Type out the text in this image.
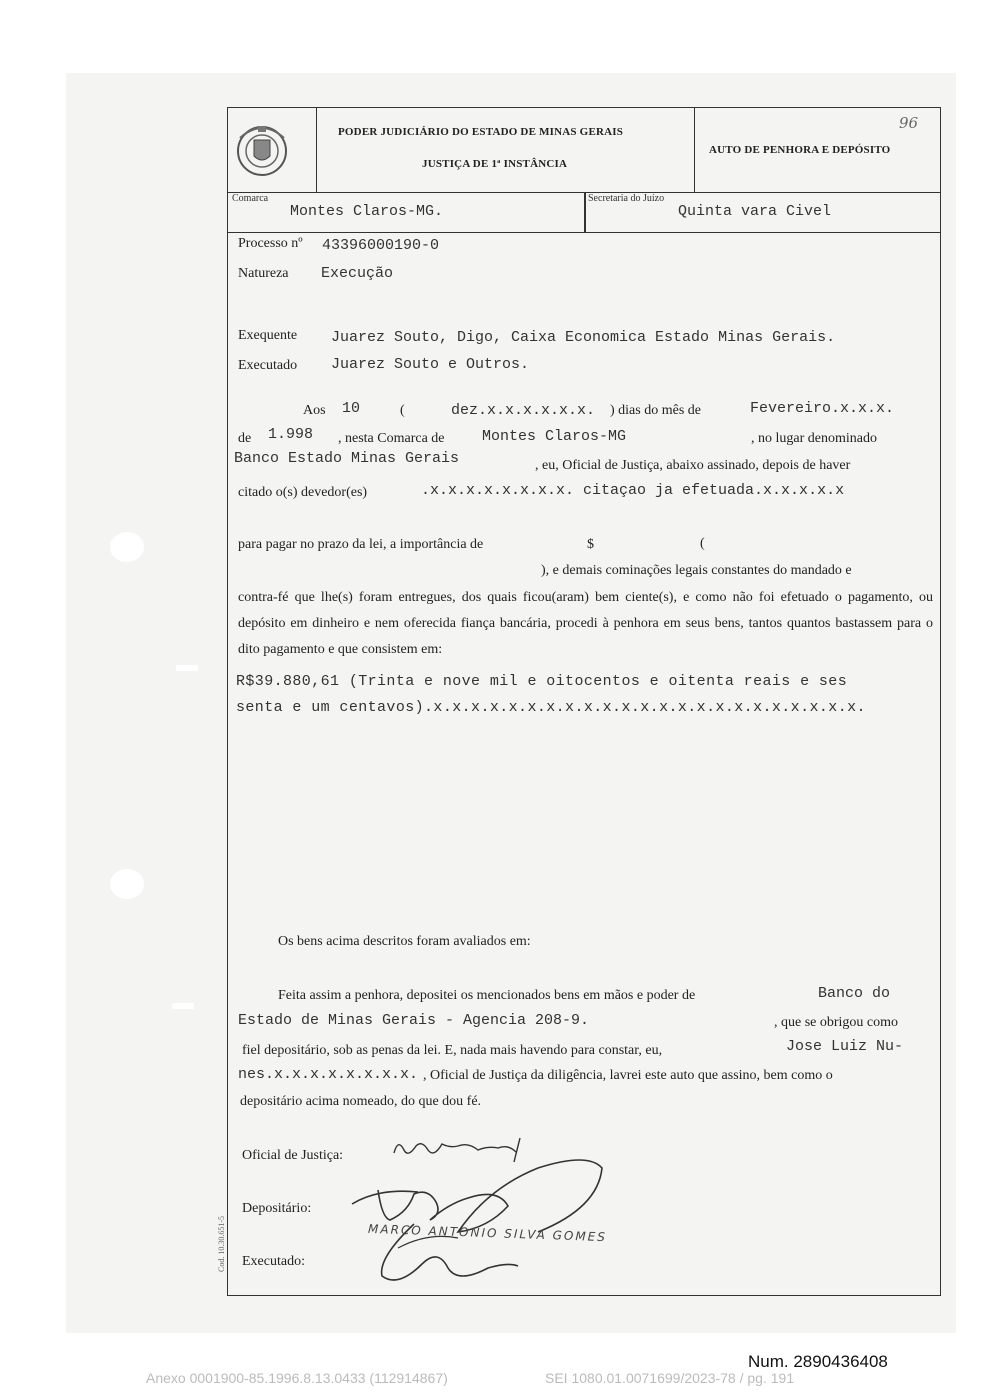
PODER JUDICIÁRIO DO ESTADO DE MINAS GERAIS
JUSTIÇA DE 1ª INSTÂNCIA
AUTO DE PENHORA E DEPÓSITO
96
Comarca
Montes Claros-MG.
Secretaria do Juízo
Quinta vara Civel
Processo nº 43396000190-0
Natureza Execução
Exequente Juarez Souto, Digo, Caixa Economica Estado Minas Gerais.
Executado Juarez Souto e Outros.
Aos 10	(	dez.x.x.x.x.x.x. ) dias do mês de	Fevereiro.x.x.x.
de 1.998 , nesta Comarca de Montes Claros-MG	, no lugar denominado
Banco Estado Minas Gerais	, eu, Oficial de Justiça, abaixo assinado, depois de haver
citado o(s) devedor(es)	.x.x.x.x.x.x.x.x. citaçao ja efetuada.x.x.x.x.x
para pagar no prazo da lei, a importância de	$	(
), e demais cominações legais constantes do mandado e
contra-fé que lhe(s) foram entregues, dos quais ficou(aram) bem ciente(s), e como não foi efetuado o pagamento, ou depósito em dinheiro e nem oferecida fiança bancária, procedi à penhora em seus bens, tantos quantos bastassem para o dito pagamento e que consistem em:
R$39.880,61 (Trinta e nove mil e oitocentos e oitenta reais e ses
senta e um centavos).x.x.x.x.x.x.x.x.x.x.x.x.x.x.x.x.x.x.x.x.x.x.x.
Os bens acima descritos foram avaliados em:
Feita assim a penhora, depositei os mencionados bens em mãos e poder de	Banco do
Estado de Minas Gerais - Agencia 208-9.	, que se obrigou como
fiel depositário, sob as penas da lei. E, nada mais havendo para constar, eu,	Jose Luiz Nu-
nes.x.x.x.x.x.x.x.x. , Oficial de Justiça da diligência, lavrei este auto que assino, bem como o
depositário acima nomeado, do que dou fé.
Oficial de Justiça:
Depositário:
Executado:
MARCO ANTONIO SILVA GOMES
Cod. 10.30.651-5
Num. 2890436408
Anexo 0001900-85.1996.8.13.0433 (112914867)	SEI 1080.01.0071699/2023-78 / pg. 191
